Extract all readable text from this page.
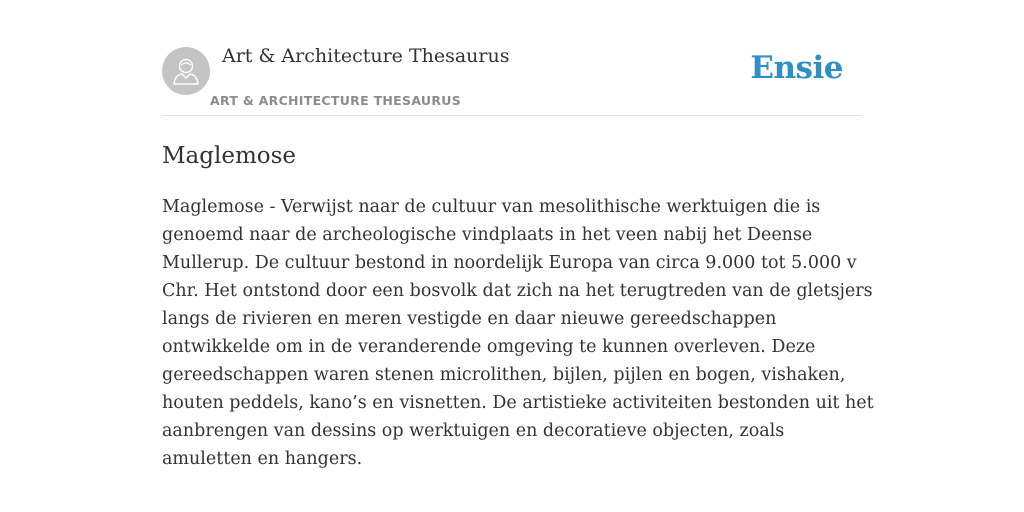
Art & Architecture Thesaurus
ART & ARCHITECTURE THESAURUS
Ensie
Maglemose

Maglemose - Verwijst naar de cultuur van mesolithische werktuigen die is genoemd naar de archeologische vindplaats in het veen nabij het Deense Mullerup. De cultuur bestond in noordelijk Europa van circa 9.000 tot 5.000 v Chr. Het ontstond door een bosvolk dat zich na het terugtreden van de gletsjers langs de rivieren en meren vestigde en daar nieuwe gereedschappen ontwikkelde om in de veranderende omgeving te kunnen overleven. Deze gereedschappen waren stenen microlithen, bijlen, pijlen en bogen, vishaken, houten peddels, kano’s en visnetten. De artistieke activiteiten bestonden uit het aanbrengen van dessins op werktuigen en decoratieve objecten, zoals amuletten en hangers.
